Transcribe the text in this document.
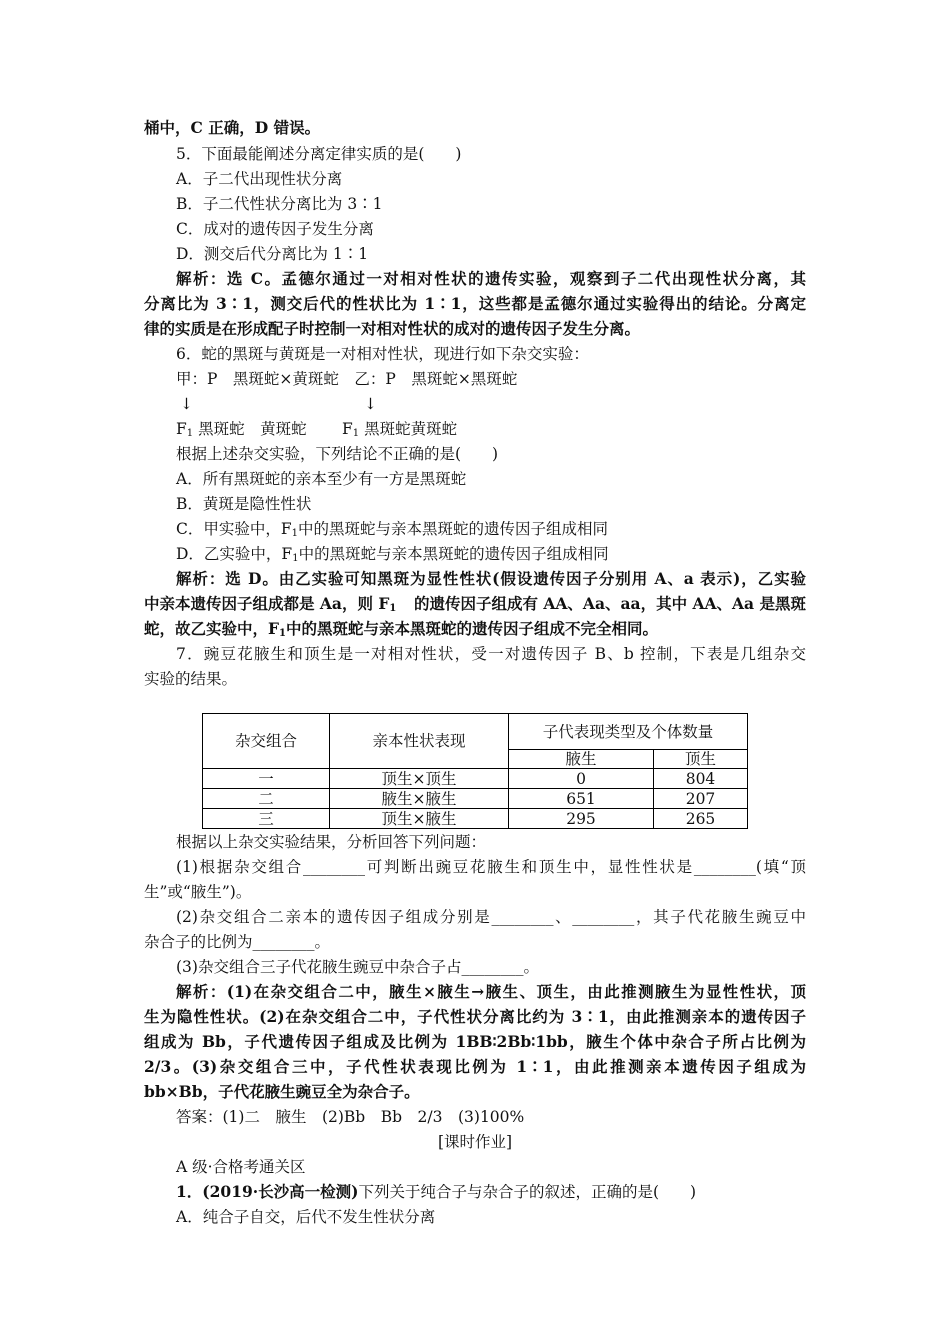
桶中，C 正确，D 错误。
5．下面最能阐述分离定律实质的是(　　)
A．子二代出现性状分离
B．子二代性状分离比为 3∶1
C．成对的遗传因子发生分离
D．测交后代分离比为 1∶1
解析：选 C。孟德尔通过一对相对性状的遗传实验，观察到子二代出现性状分离，其
分离比为 3∶1，测交后代的性状比为 1∶1，这些都是孟德尔通过实验得出的结论。分离定
律的实质是在形成配子时控制一对相对性状的成对的遗传因子发生分离。
6．蛇的黑斑与黄斑是一对相对性状，现进行如下杂交实验：
甲：P　黑斑蛇×黄斑蛇　乙：P　黑斑蛇×黑斑蛇
↓	↓
$F_1$ 黑斑蛇　黄斑蛇 $F_1$ 黑斑蛇黄斑蛇
根据上述杂交实验，下列结论不正确的是(　　)
A．所有黑斑蛇的亲本至少有一方是黑斑蛇
B．黄斑是隐性性状
C．甲实验中，$F_1$中的黑斑蛇与亲本黑斑蛇的遗传因子组成相同
D．乙实验中，$F_1$中的黑斑蛇与亲本黑斑蛇的遗传因子组成相同
解析：选 D。由乙实验可知黑斑为显性性状(假设遗传因子分别用 A、a 表示)，乙实验
中亲本遗传因子组成都是 Aa，则 $F_1$ 的遗传因子组成有 AA、Aa、aa，其中 AA、Aa 是黑斑
蛇，故乙实验中，$F_1$中的黑斑蛇与亲本黑斑蛇的遗传因子组成不完全相同。
7．豌豆花腋生和顶生是一对相对性状，受一对遗传因子 B、b 控制，下表是几组杂交
实验的结果。
杂交组合	亲本性状表现	子代表现类型及个体数量	
		腋生	顶生
一	顶生×顶生	0	804
二	腋生×腋生	651	207
三	顶生×腋生	295	265
根据以上杂交实验结果，分析回答下列问题：
(1)根据杂交组合________可判断出豌豆花腋生和顶生中，显性性状是________(填“顶
生”或“腋生”)。
(2)杂交组合二亲本的遗传因子组成分别是________、________，其子代花腋生豌豆中
杂合子的比例为________。
(3)杂交组合三子代花腋生豌豆中杂合子占________。
解析：(1)在杂交组合二中，腋生×腋生→腋生、顶生，由此推测腋生为显性性状，顶
生为隐性性状。(2)在杂交组合二中，子代性状分离比约为 3∶1，由此推测亲本的遗传因子
组成为 Bb，子代遗传因子组成及比例为 1BB∶2Bb∶1bb，腋生个体中杂合子所占比例为
2/3。(3)杂交组合三中，子代性状表现比例为 1∶1，由此推测亲本遗传因子组成为
bb×Bb，子代花腋生豌豆全为杂合子。
答案：(1)二　腋生　(2)Bb　Bb　2/3　(3)100%
[课时作业]
A 级·合格考通关区
1．(2019·长沙高一检测)下列关于纯合子与杂合子的叙述，正确的是(　　)
A．纯合子自交，后代不发生性状分离
